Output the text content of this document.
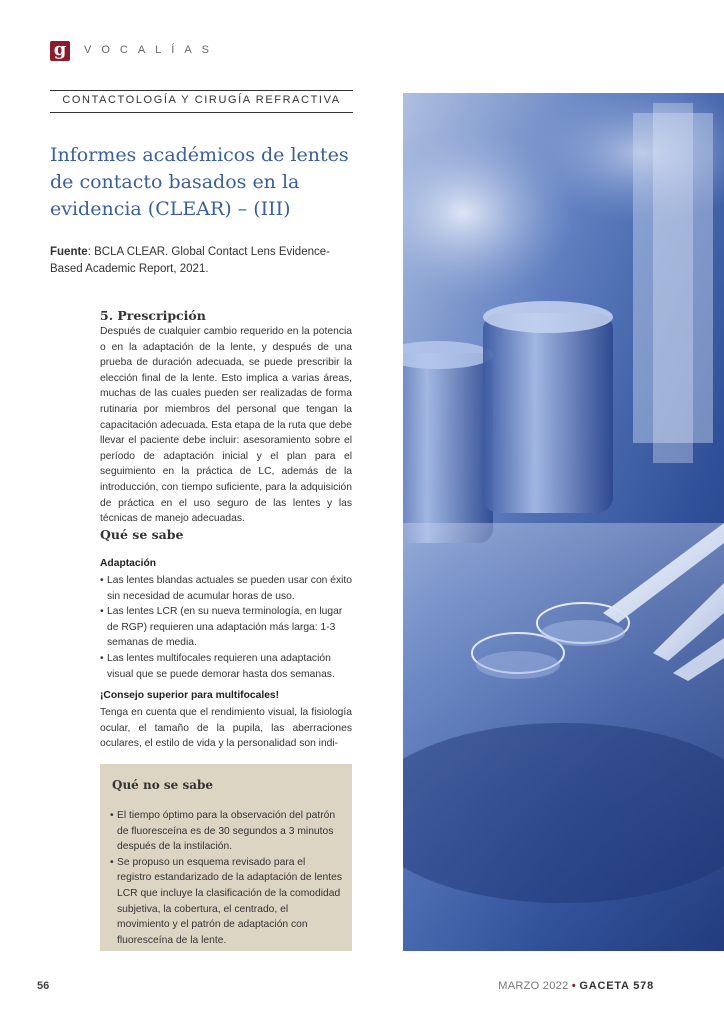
g	VOCALÍAS
CONTACTOLOGÍA Y CIRUGÍA REFRACTIVA
Informes académicos de lentes de contacto basados en la evidencia (CLEAR) – (III)
Fuente: BCLA CLEAR. Global Contact Lens Evidence-Based Academic Report, 2021.
5. Prescripción
Después de cualquier cambio requerido en la potencia o en la adaptación de la lente, y después de una prueba de duración adecuada, se puede prescribir la elección final de la lente. Esto implica a varias áreas, muchas de las cuales pueden ser realizadas de forma rutinaria por miembros del personal que tengan la capacitación adecuada. Esta etapa de la ruta que debe llevar el paciente debe incluir: asesoramiento sobre el período de adaptación inicial y el plan para el seguimiento en la práctica de LC, además de la introducción, con tiempo suficiente, para la adquisición de práctica en el uso seguro de las lentes y las técnicas de manejo adecuadas.
Qué se sabe
Adaptación
• Las lentes blandas actuales se pueden usar con éxito sin necesidad de acumular horas de uso.
• Las lentes LCR (en su nueva terminología, en lugar de RGP) requieren una adaptación más larga: 1-3 semanas de media.
• Las lentes multifocales requieren una adaptación visual que se puede demorar hasta dos semanas.
¡Consejo superior para multifocales!
Tenga en cuenta que el rendimiento visual, la fisiología ocular, el tamaño de la pupila, las aberraciones oculares, el estilo de vida y la personalidad son indi-
Qué no se sabe
• El tiempo óptimo para la observación del patrón de fluoresceína es de 30 segundos a 3 minutos después de la instilación.
• Se propuso un esquema revisado para el registro estandarizado de la adaptación de lentes LCR que incluye la clasificación de la comodidad subjetiva, la cobertura, el centrado, el movimiento y el patrón de adaptación con fluoresceína de la lente.
56	MARZO 2022 • GACETA 578
